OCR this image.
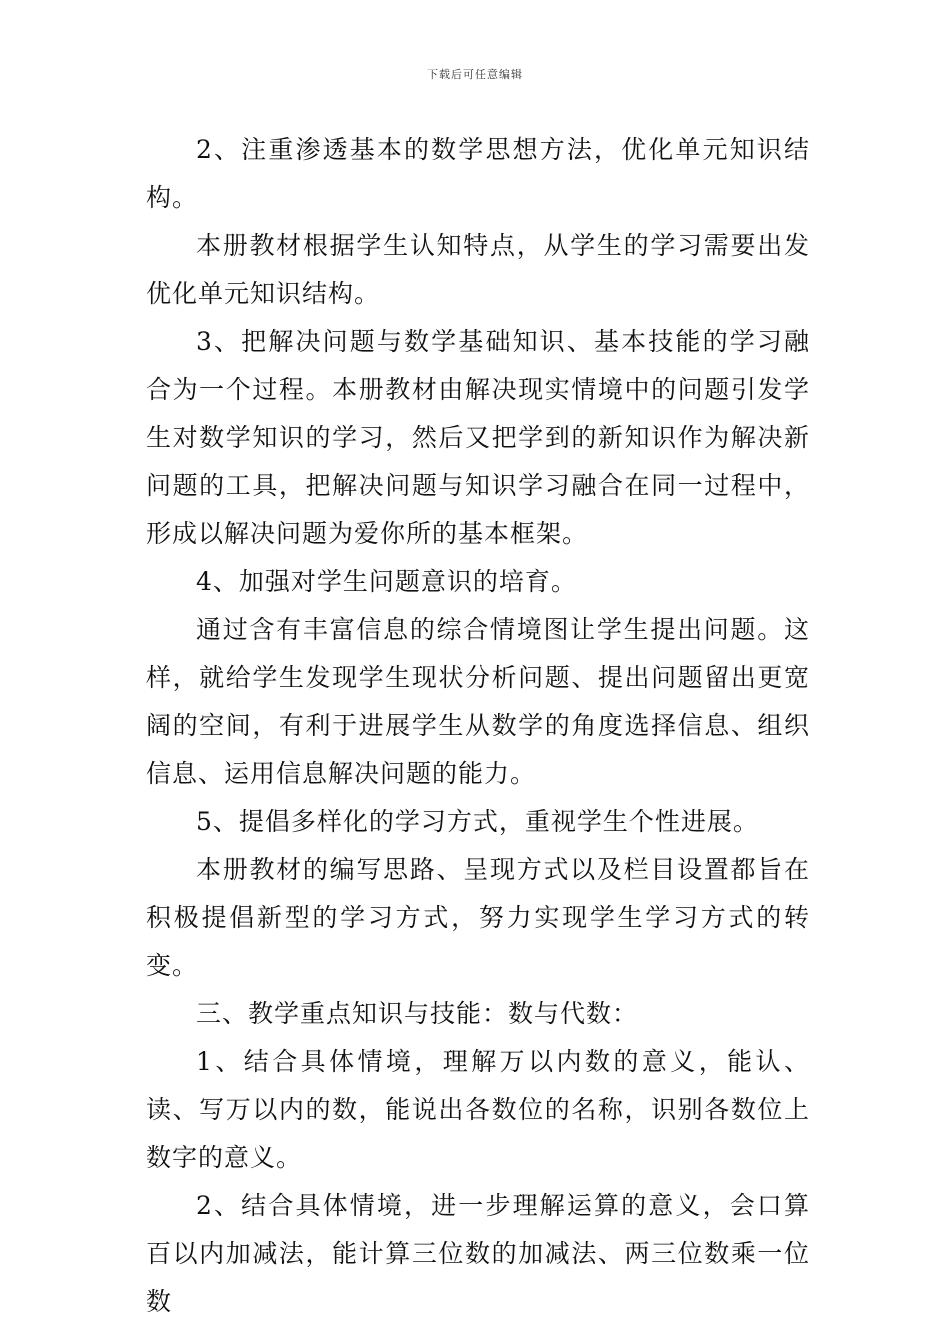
下载后可任意编辑

2、注重渗透基本的数学思想方法，优化单元知识结构。

本册教材根据学生认知特点，从学生的学习需要出发优化单元知识结构。

3、把解决问题与数学基础知识、基本技能的学习融合为一个过程。本册教材由解决现实情境中的问题引发学生对数学知识的学习，然后又把学到的新知识作为解决新问题的工具，把解决问题与知识学习融合在同一过程中，形成以解决问题为爱你所的基本框架。

4、加强对学生问题意识的培育。

通过含有丰富信息的综合情境图让学生提出问题。这样，就给学生发现学生现状分析问题、提出问题留出更宽阔的空间，有利于进展学生从数学的角度选择信息、组织信息、运用信息解决问题的能力。

5、提倡多样化的学习方式，重视学生个性进展。

本册教材的编写思路、呈现方式以及栏目设置都旨在积极提倡新型的学习方式，努力实现学生学习方式的转变。

三、教学重点知识与技能：数与代数：

1、结合具体情境，理解万以内数的意义，能认、读、写万以内的数，能说出各数位的名称，识别各数位上数字的意义。

2、结合具体情境，进一步理解运算的意义，会口算百以内加减法，能计算三位数的加减法、两三位数乘一位数
